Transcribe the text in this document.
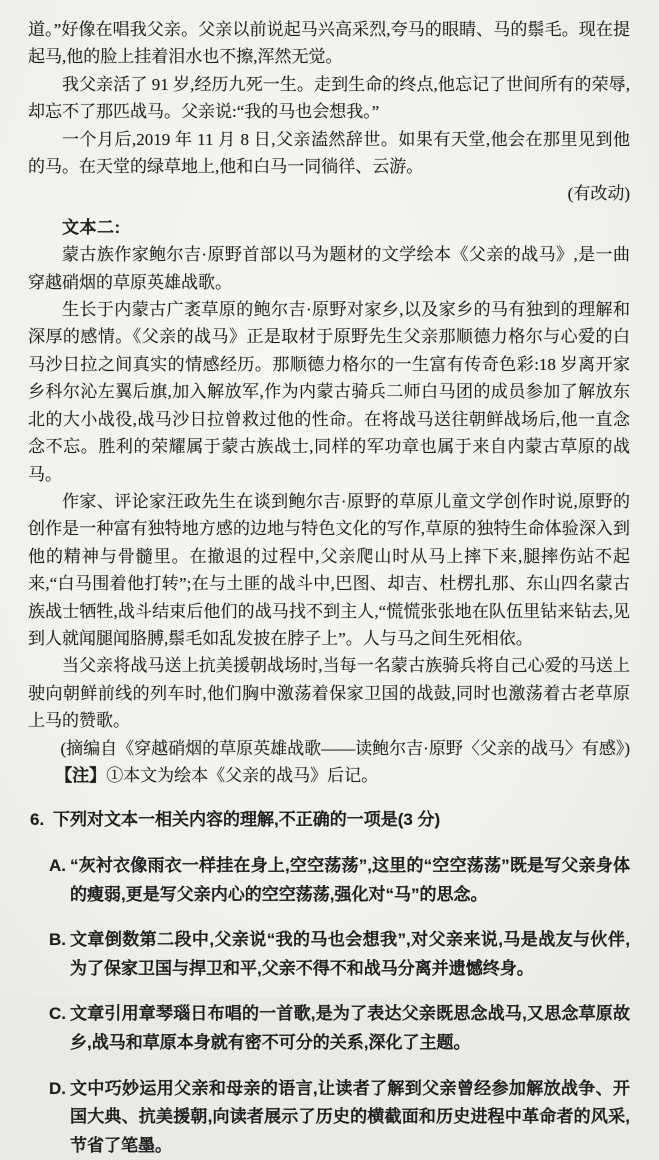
道。”好像在唱我父亲。父亲以前说起马兴高采烈,夸马的眼睛、马的鬃毛。现在提起马,他的脸上挂着泪水也不擦,浑然无觉。

我父亲活了 91 岁,经历九死一生。走到生命的终点,他忘记了世间所有的荣辱,却忘不了那匹战马。父亲说:“我的马也会想我。”

一个月后,2019 年 11 月 8 日,父亲溘然辞世。如果有天堂,他会在那里见到他的马。在天堂的绿草地上,他和白马一同徜徉、云游。

(有改动)

文本二:

蒙古族作家鲍尔吉·原野首部以马为题材的文学绘本《父亲的战马》,是一曲穿越硝烟的草原英雄战歌。

生长于内蒙古广袤草原的鲍尔吉·原野对家乡,以及家乡的马有独到的理解和深厚的感情。《父亲的战马》正是取材于原野先生父亲那顺德力格尔与心爱的白马沙日拉之间真实的情感经历。那顺德力格尔的一生富有传奇色彩:18 岁离开家乡科尔沁左翼后旗,加入解放军,作为内蒙古骑兵二师白马团的成员参加了解放东北的大小战役,战马沙日拉曾救过他的性命。在将战马送往朝鲜战场后,他一直念念不忘。胜利的荣耀属于蒙古族战士,同样的军功章也属于来自内蒙古草原的战马。

作家、评论家汪政先生在谈到鲍尔吉·原野的草原儿童文学创作时说,原野的创作是一种富有独特地方感的边地与特色文化的写作,草原的独特生命体验深入到他的精神与骨髓里。在撤退的过程中,父亲爬山时从马上摔下来,腿摔伤站不起来,“白马围着他打转”;在与土匪的战斗中,巴图、却吉、杜楞扎那、东山四名蒙古族战士牺牲,战斗结束后他们的战马找不到主人,“慌慌张张地在队伍里钻来钻去,见到人就闻腿闻胳膊,鬃毛如乱发披在脖子上”。人与马之间生死相依。

当父亲将战马送上抗美援朝战场时,当每一名蒙古族骑兵将自己心爱的马送上驶向朝鲜前线的列车时,他们胸中激荡着保家卫国的战鼓,同时也激荡着古老草原上马的赞歌。

(摘编自《穿越硝烟的草原英雄战歌——读鲍尔吉·原野〈父亲的战马〉有感》)

【注】①本文为绘本《父亲的战马》后记。

6. 下列对文本一相关内容的理解,不正确的一项是(3 分)

A. “灰衬衣像雨衣一样挂在身上,空空荡荡”,这里的“空空荡荡”既是写父亲身体的瘦弱,更是写父亲内心的空空荡荡,强化对“马”的思念。

B. 文章倒数第二段中,父亲说“我的马也会想我”,对父亲来说,马是战友与伙伴,为了保家卫国与捍卫和平,父亲不得不和战马分离并遗憾终身。

C. 文章引用章琴瑙日布唱的一首歌,是为了表达父亲既思念战马,又思念草原故乡,战马和草原本身就有密不可分的关系,深化了主题。

D. 文中巧妙运用父亲和母亲的语言,让读者了解到父亲曾经参加解放战争、开国大典、抗美援朝,向读者展示了历史的横截面和历史进程中革命者的风采,节省了笔墨。
